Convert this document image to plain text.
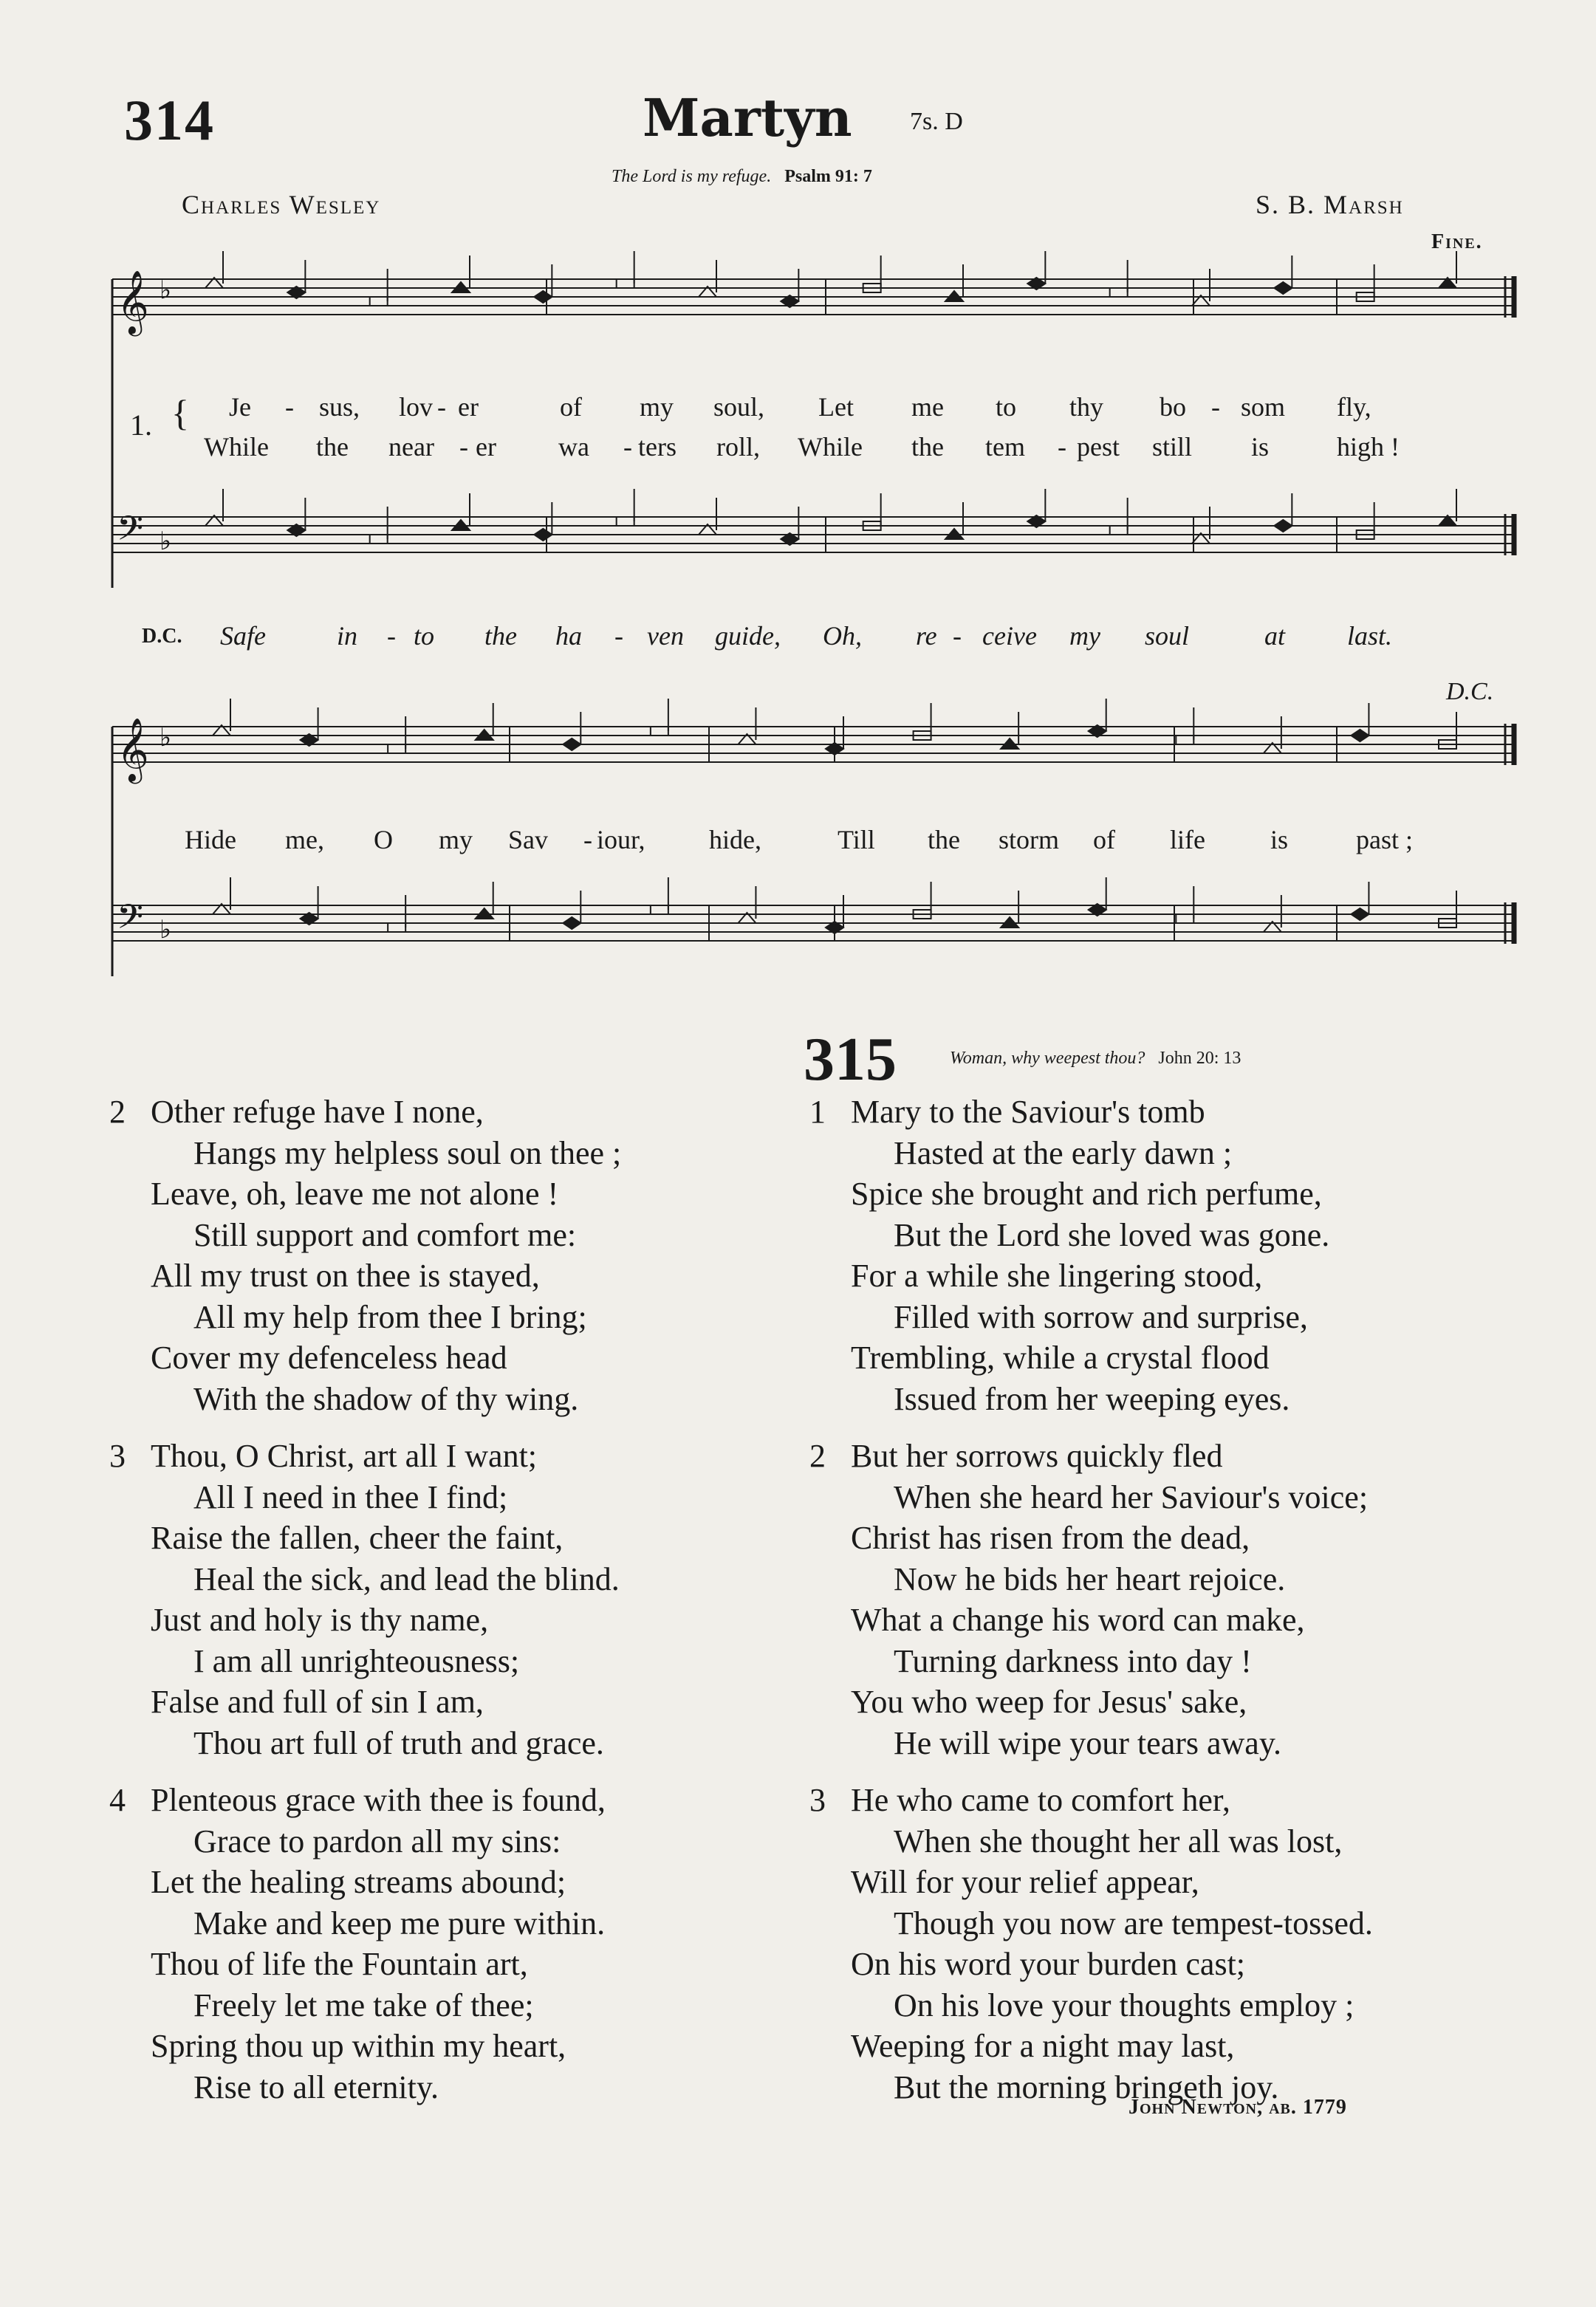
314	Martyn 7s. D
The Lord is my refuge. Psalm 91: 7
Charles Wesley	S. B. Marsh
Fine.
𝄞 ♭
𝄢 ♭
𝄞 ♭
𝄢 ♭
1. { Je - sus, lov - er	of my soul, Let me to thy bo - som fly,
While the near - er wa - ters roll, While the tem - pest still is	high !
D.C. Safe	in - to the ha - ven guide, Oh, re - ceive my soul	at last.
D.C.
Hide me, O my Sav - iour, hide,	Till the storm of life is	past ;
2 Other refuge have I none,
Hangs my helpless soul on thee ;
Leave, oh, leave me not alone !
Still support and comfort me:
All my trust on thee is stayed,
All my help from thee I bring;
Cover my defenceless head
With the shadow of thy wing.
3 Thou, O Christ, art all I want;
All I need in thee I find;
Raise the fallen, cheer the faint,
Heal the sick, and lead the blind.
Just and holy is thy name,
I am all unrighteousness;
False and full of sin I am,
Thou art full of truth and grace.
4 Plenteous grace with thee is found,
Grace to pardon all my sins:
Let the healing streams abound;
Make and keep me pure within.
Thou of life the Fountain art,
Freely let me take of thee;
Spring thou up within my heart,
Rise to all eternity.
315	Woman, why weepest thou? John 20: 13
1 Mary to the Saviour's tomb
Hasted at the early dawn ;
Spice she brought and rich perfume,
But the Lord she loved was gone.
For a while she lingering stood,
Filled with sorrow and surprise,
Trembling, while a crystal flood
Issued from her weeping eyes.
2 But her sorrows quickly fled
When she heard her Saviour's voice;
Christ has risen from the dead,
Now he bids her heart rejoice.
What a change his word can make,
Turning darkness into day !
You who weep for Jesus' sake,
He will wipe your tears away.
3 He who came to comfort her,
When she thought her all was lost,
Will for your relief appear,
Though you now are tempest-tossed.
On his word your burden cast;
On his love your thoughts employ ;
Weeping for a night may last,
But the morning bringeth joy.
John Newton, ab. 1779
